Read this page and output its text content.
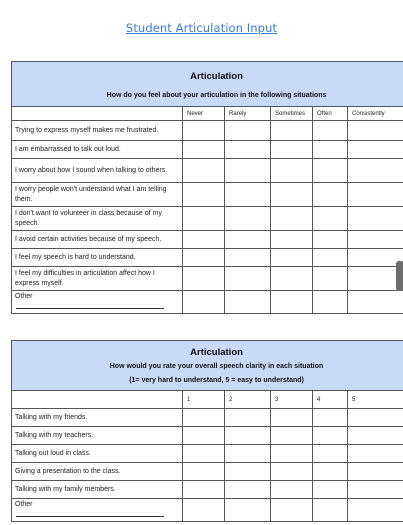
Student Articulation Input
Articulation
How do you feel about your articulation in the following situations					

	Never	Rarely	Sometimes	Often	Consistently
Trying to express myself makes me frustrated.					
I am embarrassed to talk out loud.					
I worry about how I sound when talking to others.					
I worry people won't understand what I am telling them.					
I don't want to volunteer in class because of my speech.					
I avoid certain activities because of my speech.					
I feel my speech is hard to understand.					
I feel my difficulties in articulation affect how I express myself.					
Other					
Articulation
How would you rate your overall speech clarity in each situation
(1= very hard to understand, 5 = easy to understand)					

	1	2	3	4	5
Talking with my friends.					
Talking with my teachers.					
Talking out loud in class.					
Giving a presentation to the class.					
Talking with my family members.					
Other					
